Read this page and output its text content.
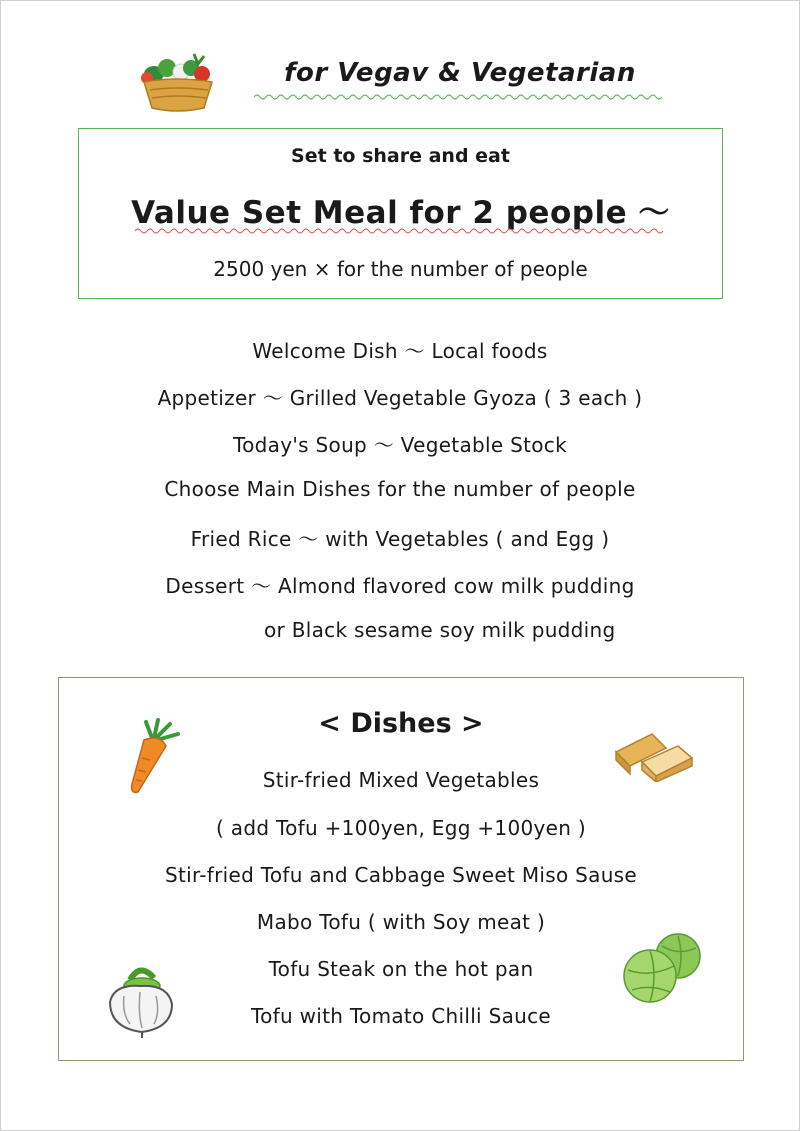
for Vegav & Vegetarian
Set to share and eat
Value Set Meal for 2 people ～
2500 yen × for the number of people
Welcome Dish ～ Local foods
Appetizer ～ Grilled Vegetable Gyoza ( 3 each )
Today's Soup ～ Vegetable Stock
Choose Main Dishes for the number of people
Fried Rice ～ with Vegetables ( and Egg )
Dessert ～ Almond flavored cow milk pudding
or Black sesame soy milk pudding
< Dishes >
Stir-fried Mixed Vegetables
( add Tofu +100yen, Egg +100yen )
Stir-fried Tofu and Cabbage Sweet Miso Sause
Mabo Tofu ( with Soy meat )
Tofu Steak on the hot pan
Tofu with Tomato Chilli Sauce
